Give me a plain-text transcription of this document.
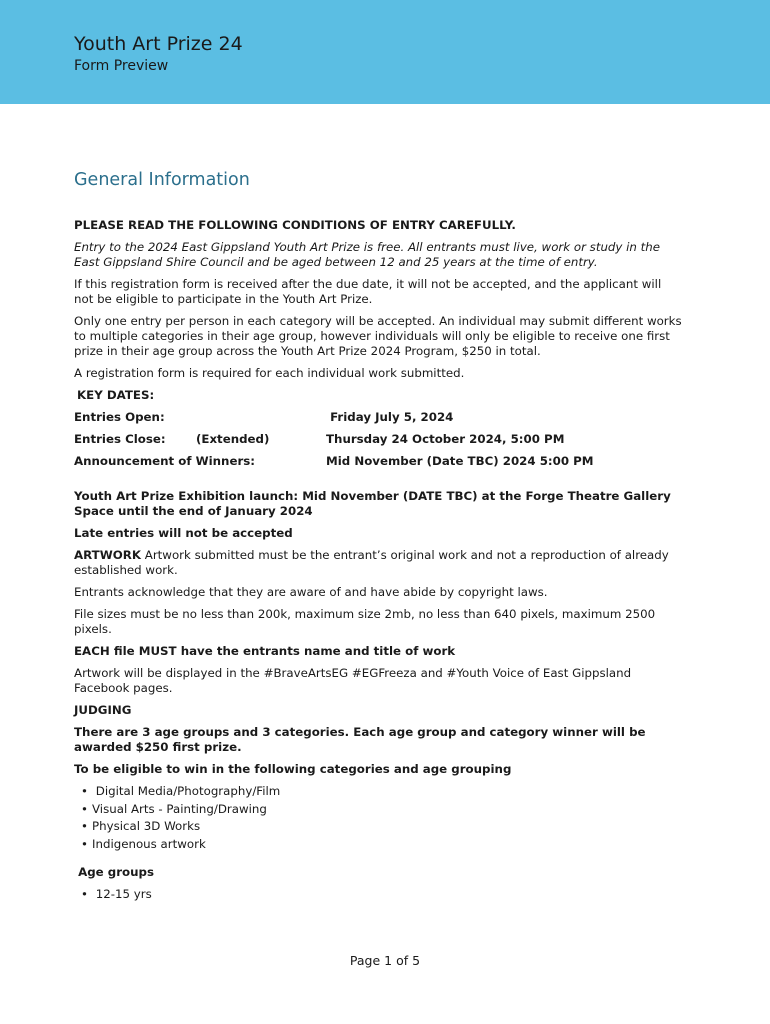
Youth Art Prize 24
Form Preview
General Information

PLEASE READ THE FOLLOWING CONDITIONS OF ENTRY CAREFULLY.

Entry to the 2024 East Gippsland Youth Art Prize is free. All entrants must live, work or study in the East Gippsland Shire Council and be aged between 12 and 25 years at the time of entry.

If this registration form is received after the due date, it will not be accepted, and the applicant will not be eligible to participate in the Youth Art Prize.

Only one entry per person in each category will be accepted. An individual may submit different works to multiple categories in their age group, however individuals will only be eligible to receive one first prize in their age group across the Youth Art Prize 2024 Program, $250 in total.

A registration form is required for each individual work submitted.

KEY DATES:

Entries Open:	Friday July 5, 2024
Entries Close:	(Extended)	Thursday 24 October 2024, 5:00 PM
Announcement of Winners:	Mid November (Date TBC) 2024 5:00 PM

Youth Art Prize Exhibition launch: Mid November (DATE TBC) at the Forge Theatre Gallery Space until the end of January 2024

Late entries will not be accepted

ARTWORK Artwork submitted must be the entrant’s original work and not a reproduction of already established work.

Entrants acknowledge that they are aware of and have abide by copyright laws.

File sizes must be no less than 200k, maximum size 2mb, no less than 640 pixels, maximum 2500 pixels.

EACH file MUST have the entrants name and title of work

Artwork will be displayed in the #BraveArtsEG #EGFreeza and #Youth Voice of East Gippsland Facebook pages.

JUDGING

There are 3 age groups and 3 categories. Each age group and category winner will be awarded $250 first prize.

To be eligible to win in the following categories and age grouping

•  Digital Media/Photography/Film
• Visual Arts - Painting/Drawing
• Physical 3D Works
• Indigenous artwork

Age groups

•  12-15 yrs
Page 1 of 5
